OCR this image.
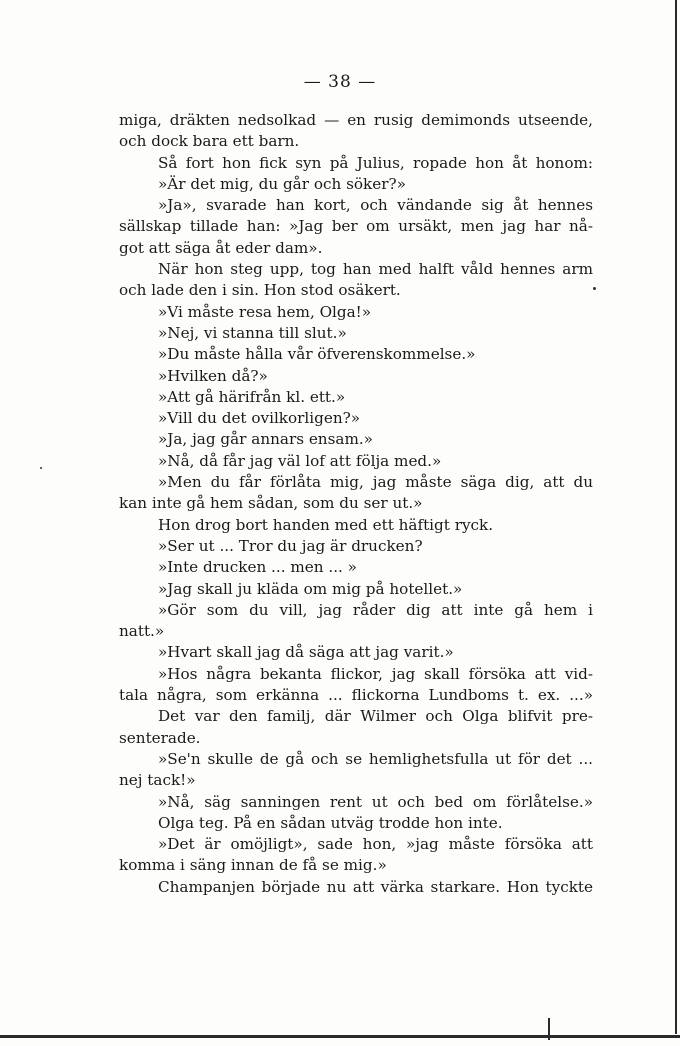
— 38 —
miga, dräkten nedsolkad — en rusig demimonds utseende,
och dock bara ett barn.
Så fort hon fick syn på Julius, ropade hon åt honom:
»Är det mig, du går och söker?»
»Ja», svarade han kort, och vändande sig åt hennes
sällskap tillade han: »Jag ber om ursäkt, men jag har nå-
got att säga åt eder dam».
När hon steg upp, tog han med halft våld hennes arm
och lade den i sin. Hon stod osäkert.
»Vi måste resa hem, Olga!»
»Nej, vi stanna till slut.»
»Du måste hålla vår öfverenskommelse.»
»Hvilken då?»
»Att gå härifrån kl. ett.»
»Vill du det ovilkorligen?»
»Ja, jag går annars ensam.»
»Nå, då får jag väl lof att följa med.»
»Men du får förlåta mig, jag måste säga dig, att du
kan inte gå hem sådan, som du ser ut.»
Hon drog bort handen med ett häftigt ryck.
»Ser ut ... Tror du jag är drucken?
»Inte drucken ... men ... »
»Jag skall ju kläda om mig på hotellet.»
»Gör som du vill, jag råder dig att inte gå hem i
natt.»
»Hvart skall jag då säga att jag varit.»
»Hos några bekanta flickor, jag skall försöka att vid-
tala några, som erkänna ... flickorna Lundboms t. ex. ...»
Det var den familj, där Wilmer och Olga blifvit pre-
senterade.
»Se'n skulle de gå och se hemlighetsfulla ut för det ...
nej tack!»
»Nå, säg sanningen rent ut och bed om förlåtelse.»
Olga teg. På en sådan utväg trodde hon inte.
»Det är omöjligt», sade hon, »jag måste försöka att
komma i säng innan de få se mig.»
Champanjen började nu att värka starkare. Hon tyckte
